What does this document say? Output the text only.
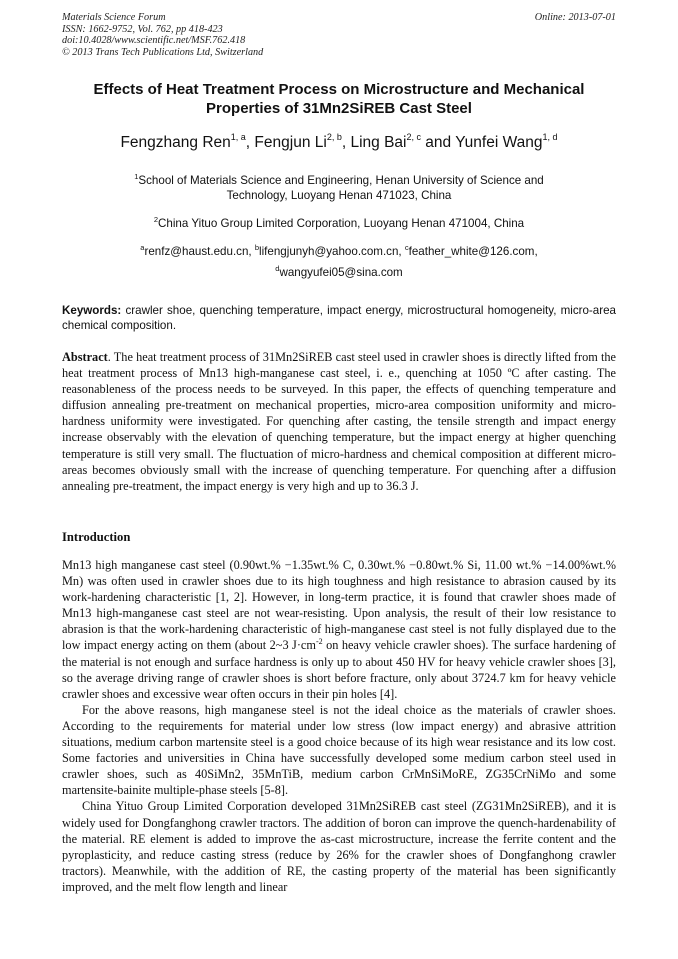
Materials Science Forum
ISSN: 1662-9752, Vol. 762, pp 418-423
doi:10.4028/www.scientific.net/MSF.762.418
© 2013 Trans Tech Publications Ltd, Switzerland
Online: 2013-07-01
Effects of Heat Treatment Process on Microstructure and Mechanical
Properties of 31Mn2SiREB Cast Steel
Fengzhang Ren$^{1, a}$, Fengjun Li$^{2, b}$, Ling Bai$^{2, c}$ and Yunfei Wang$^{1, d}$
$^1$School of Materials Science and Engineering, Henan University of Science and
Technology, Luoyang Henan 471023, China
$^2$China Yituo Group Limited Corporation, Luoyang Henan 471004, China
$^a$renfz@haust.edu.cn, $^b$lifengjunyh@yahoo.com.cn, $^c$feather_white@126.com,
$^d$wangyufei05@sina.com
Keywords: crawler shoe, quenching temperature, impact energy, microstructural homogeneity, micro-area chemical composition.
Abstract. The heat treatment process of 31Mn2SiREB cast steel used in crawler shoes is directly lifted from the heat treatment process of Mn13 high-manganese cast steel, i. e., quenching at 1050 ºC after casting. The reasonableness of the process needs to be surveyed. In this paper, the effects of quenching temperature and diffusion annealing pre-treatment on mechanical properties, micro-area composition uniformity and micro-hardness uniformity were investigated. For quenching after casting, the tensile strength and impact energy increase observably with the elevation of quenching temperature, but the impact energy at higher quenching temperature is still very small. The fluctuation of micro-hardness and chemical composition at different micro-areas becomes obviously small with the increase of quenching temperature. For quenching after a diffusion annealing pre-treatment, the impact energy is very high and up to 36.3 J.
Introduction

Mn13 high manganese cast steel (0.90wt.% −1.35wt.% C, 0.30wt.% −0.80wt.% Si, 11.00 wt.% −14.00%wt.% Mn) was often used in crawler shoes due to its high toughness and high resistance to abrasion caused by its work-hardening characteristic [1, 2]. However, in long-term practice, it is found that crawler shoes made of Mn13 high-manganese cast steel are not wear-resisting. Upon analysis, the result of their low resistance to abrasion is that the work-hardening characteristic of high-manganese cast steel is not fully displayed due to the low impact energy acting on them (about 2~3 $J\cdot cm^{-2}$ on heavy vehicle crawler shoes). The surface hardening of the material is not enough and surface hardness is only up to about 450 HV for heavy vehicle crawler shoes [3], so the average driving range of crawler shoes is short before fracture, only about 3724.7 km for heavy vehicle crawler shoes and excessive wear often occurs in their pin holes [4].

For the above reasons, high manganese steel is not the ideal choice as the materials of crawler shoes. According to the requirements for material under low stress (low impact energy) and abrasive attrition situations, medium carbon martensite steel is a good choice because of its high wear resistance and its low cost. Some factories and universities in China have successfully developed some medium carbon steel used in crawler shoes, such as 40SiMn2, 35MnTiB, medium carbon CrMnSiMoRE, ZG35CrNiMo and some martensite-bainite multiple-phase steels [5-8].

China Yituo Group Limited Corporation developed 31Mn2SiREB cast steel (ZG31Mn2SiREB), and it is widely used for Dongfanghong crawler tractors. The addition of boron can improve the quench-hardenability of the material. RE element is added to improve the as-cast microstructure, increase the ferrite content and the pyroplasticity, and reduce casting stress (reduce by 26% for the crawler shoes of Dongfanghong crawler tractors). Meanwhile, with the addition of RE, the casting property of the material has been significantly improved, and the melt flow length and linear
